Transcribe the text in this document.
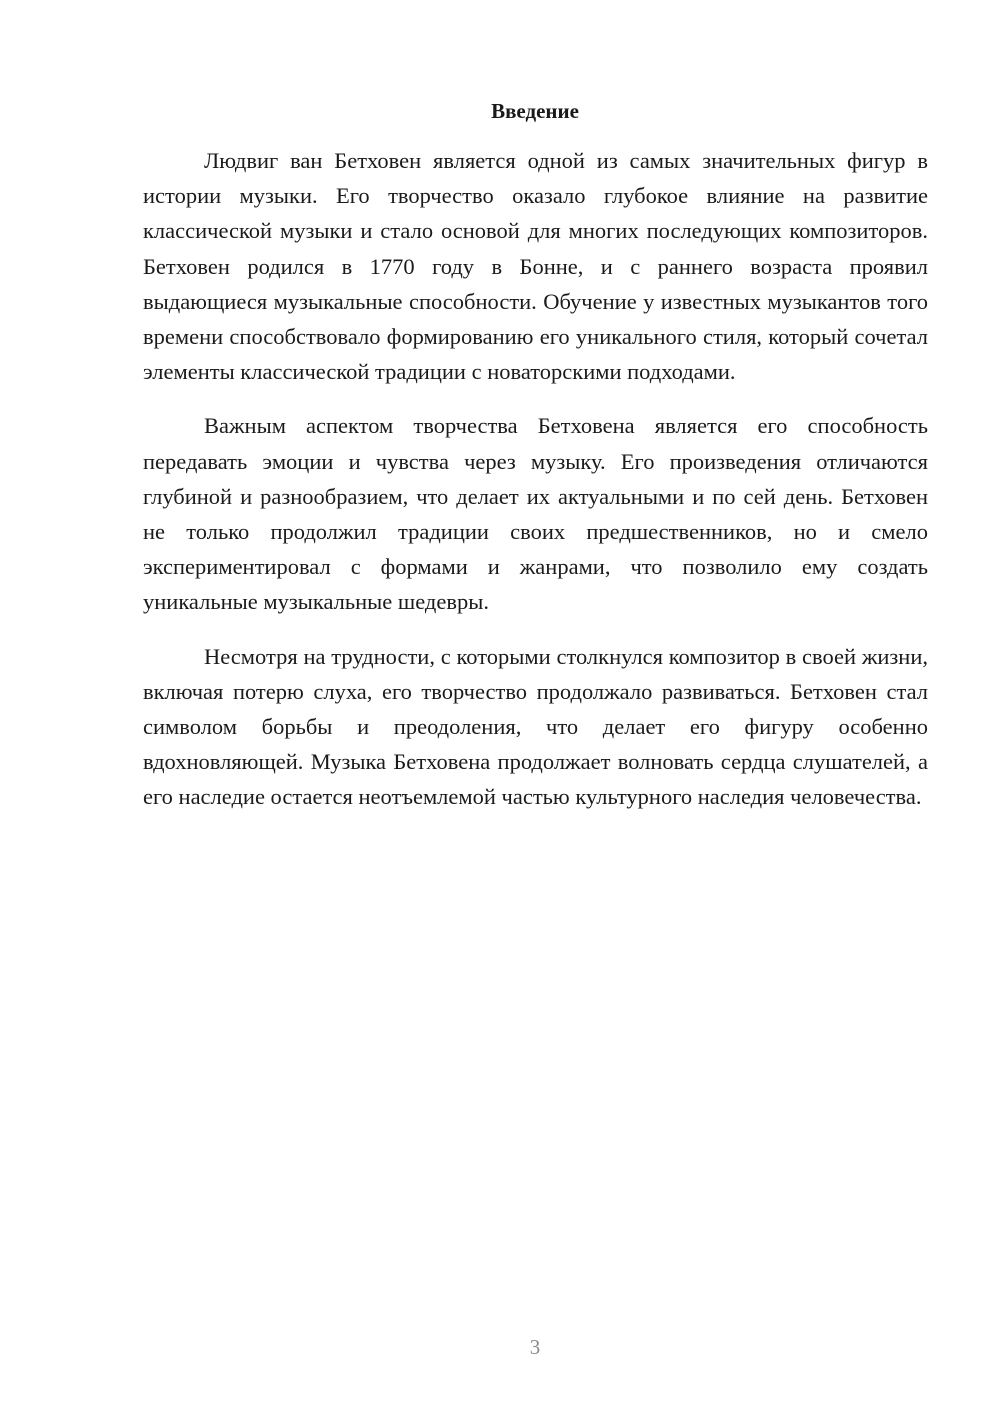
Введение

Людвиг ван Бетховен является одной из самых значительных фигур в истории музыки. Его творчество оказало глубокое влияние на развитие классической музыки и стало основой для многих последующих композиторов. Бетховен родился в 1770 году в Бонне, и с раннего возраста проявил выдающиеся музыкальные способности. Обучение у известных музыкантов того времени способствовало формированию его уникального стиля, который сочетал элементы классической традиции с новаторскими подходами.

Важным аспектом творчества Бетховена является его способность передавать эмоции и чувства через музыку. Его произведения отличаются глубиной и разнообразием, что делает их актуальными и по сей день. Бетховен не только продолжил традиции своих предшественников, но и смело экспериментировал с формами и жанрами, что позволило ему создать уникальные музыкальные шедевры.

Несмотря на трудности, с которыми столкнулся композитор в своей жизни, включая потерю слуха, его творчество продолжало развиваться. Бетховен стал символом борьбы и преодоления, что делает его фигуру особенно вдохновляющей. Музыка Бетховена продолжает волновать сердца слушателей, а его наследие остается неотъемлемой частью культурного наследия человечества.

3
